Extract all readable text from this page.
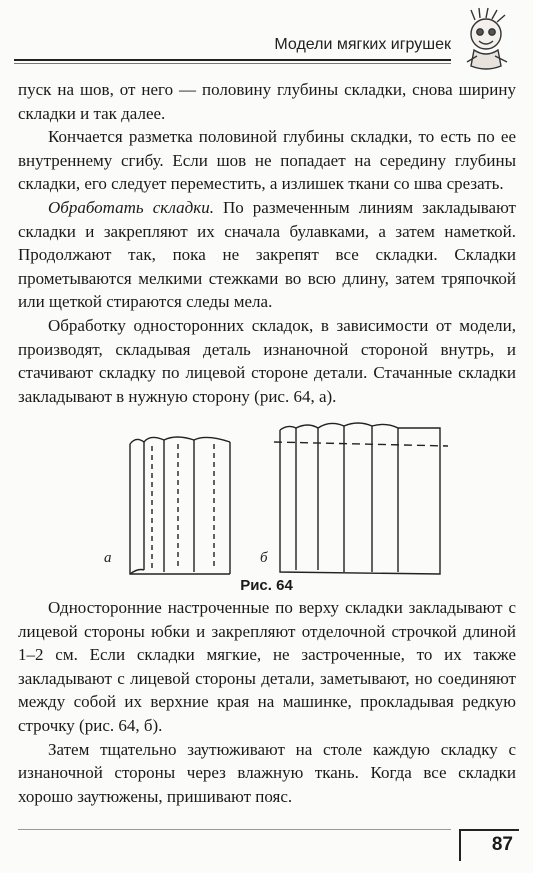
Модели мягких игрушек

пуск на шов, от него — половину глубины складки, снова ширину складки и так далее.

Кончается разметка половиной глубины складки, то есть по ее внутреннему сгибу. Если шов не попадает на середину глубины складки, его следует переместить, а излишек ткани со шва срезать.

Обработать складки. По размеченным линиям закладывают складки и закрепляют их сначала булавками, а затем наметкой. Продолжают так, пока не закрепят все складки. Складки прометываются мелкими стежками во всю длину, затем тряпочкой или щеткой стираются следы мела.

Обработку односторонних складок, в зависимости от модели, производят, складывая деталь изнаночной стороной внутрь, и стачивают складку по лицевой стороне детали. Стачанные складки закладывают в нужную сторону (рис. 64, а).

а	б
Рис. 64

Односторонние настроченные по верху складки закладывают с лицевой стороны юбки и закрепляют отделочной строчкой длиной 1–2 см. Если складки мягкие, не застроченные, то их также закладывают с лицевой стороны детали, заметывают, но соединяют между собой их верхние края на машинке, прокладывая редкую строчку (рис. 64, б).

Затем тщательно заутюживают на столе каждую складку с изнаночной стороны через влажную ткань. Когда все складки хорошо заутюжены, пришивают пояс.

87
